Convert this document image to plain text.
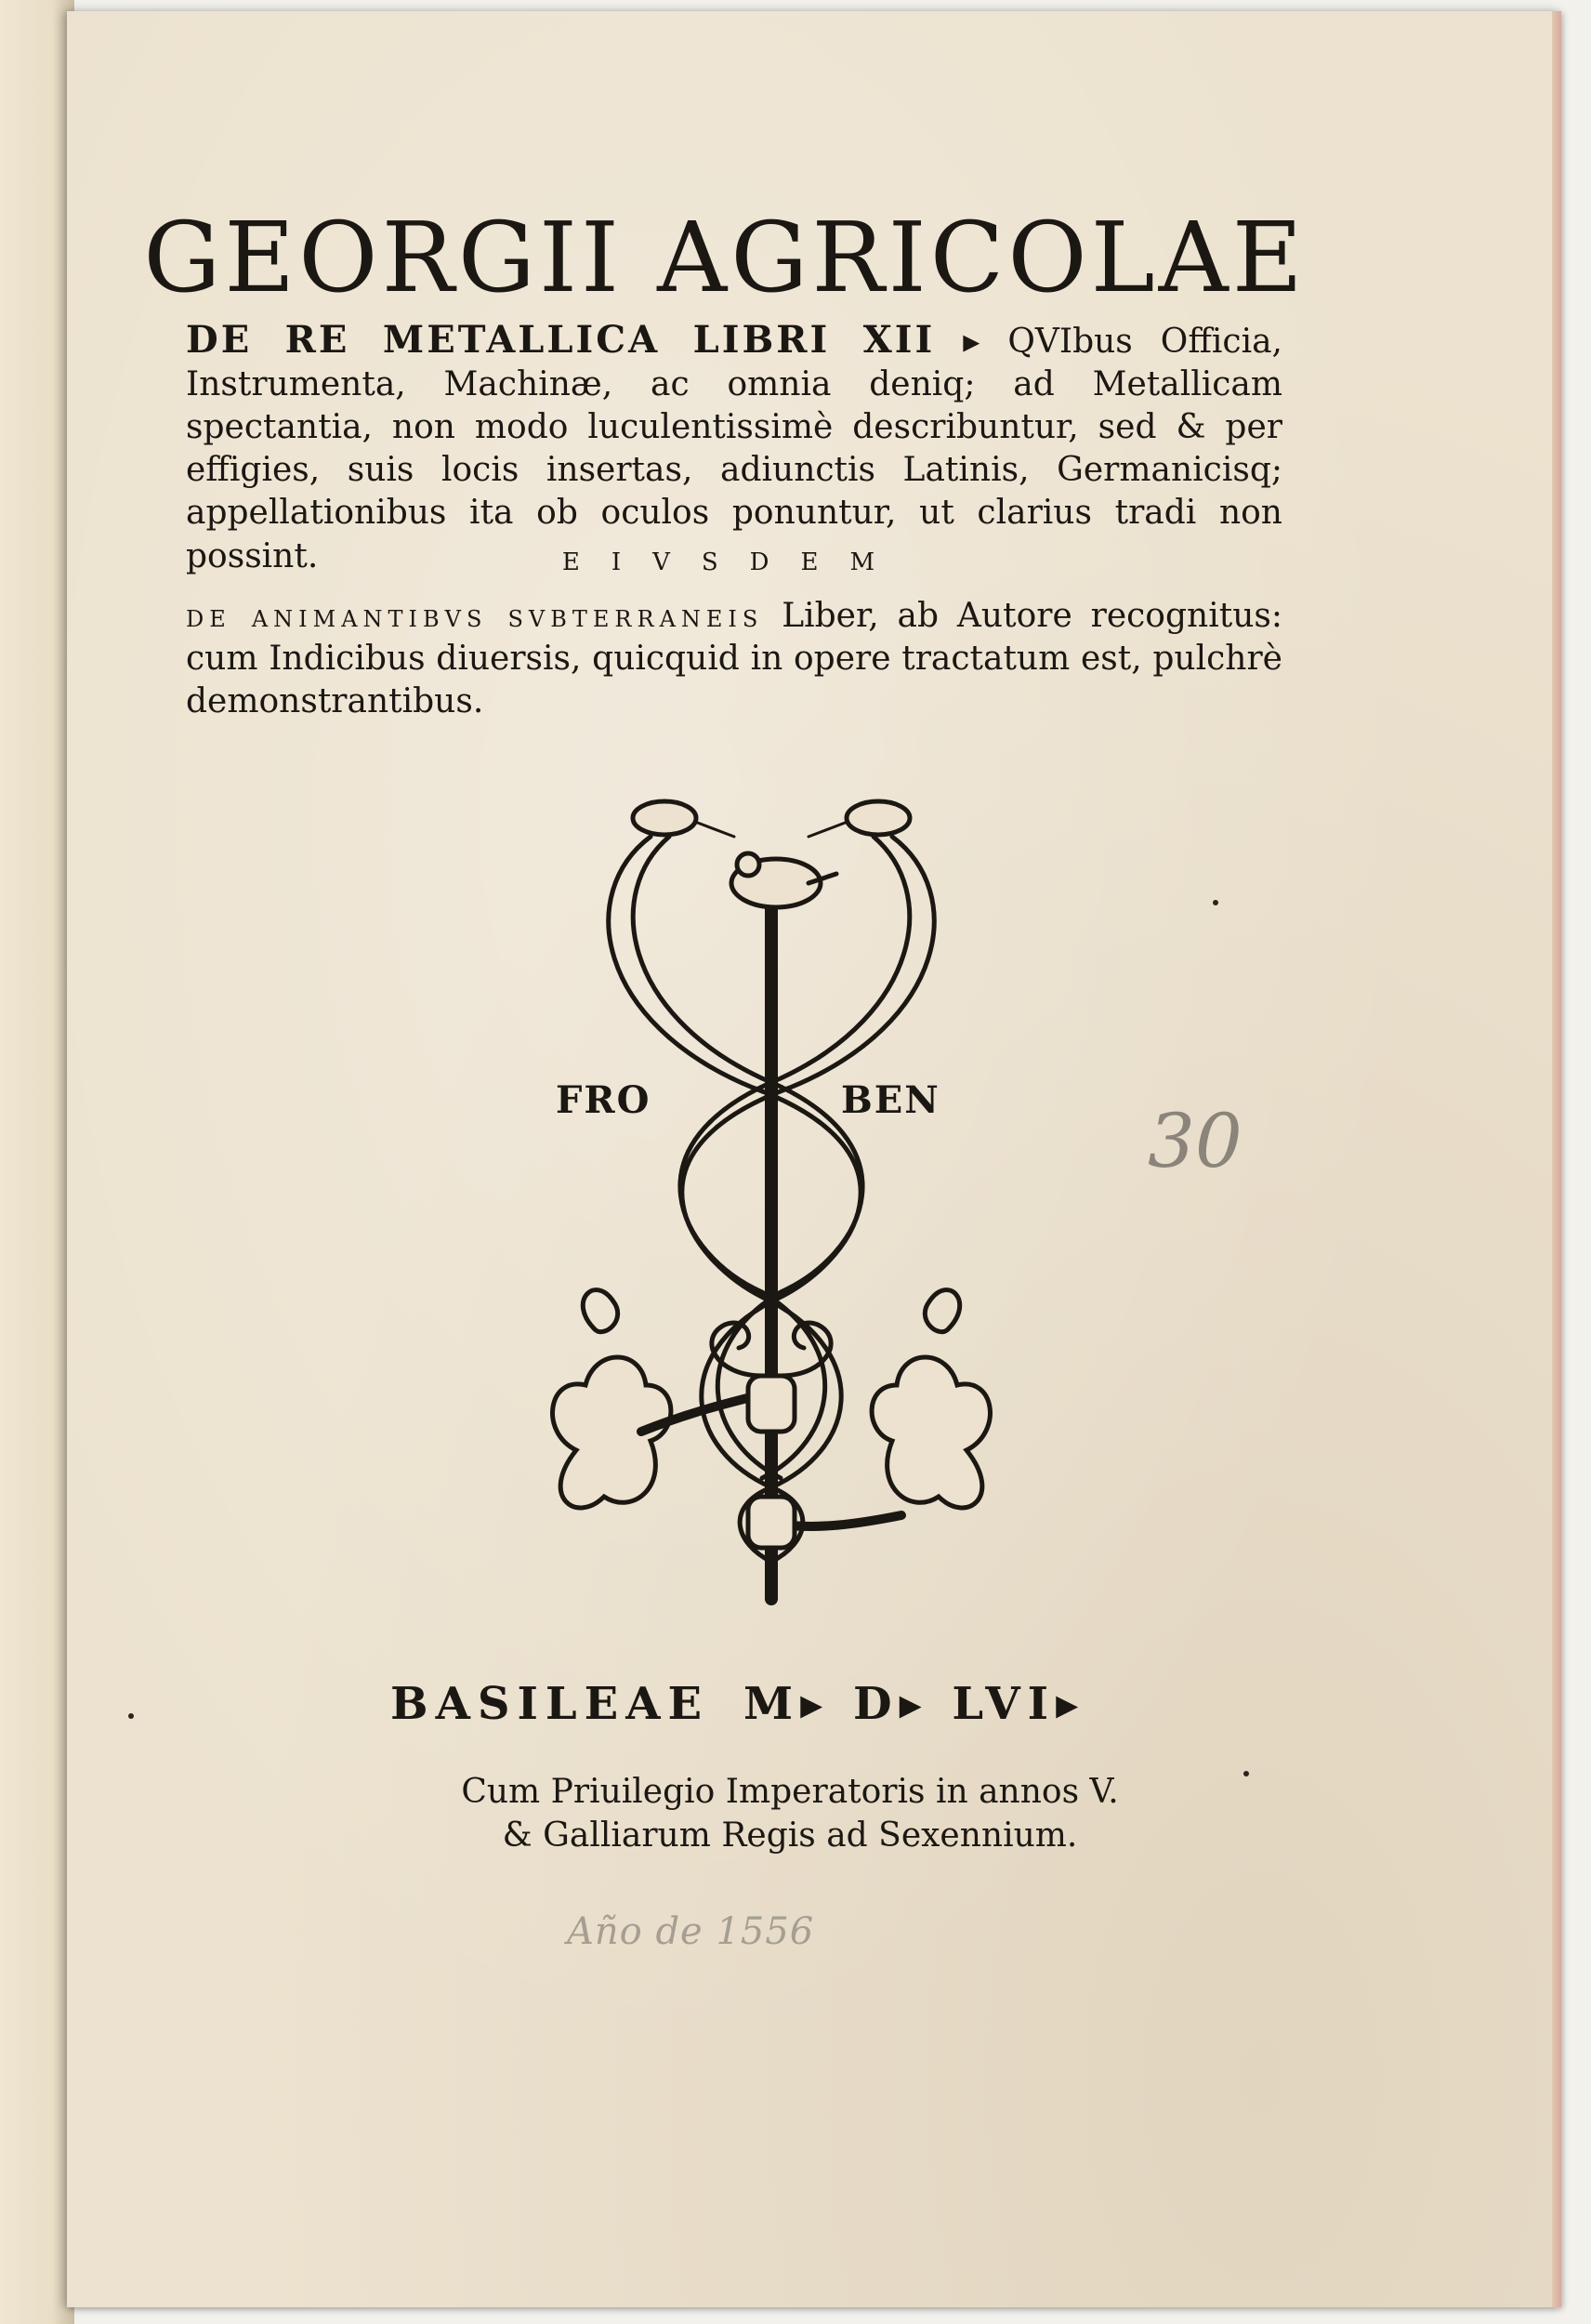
GEORGII AGRICOLAE
DE RE METALLICA LIBRI XII ▸ QVIbus Officia, Instrumenta, Machinæ, ac omnia deniq; ad Metallicam spectantia, non modo luculentissimè describuntur, sed & per effigies, suis locis insertas, adiunctis Latinis, Germanicisq; appellationibus ita ob oculos ponuntur, ut clarius tradi non possint.	EIVSDEM
DE ANIMANTIBVS SVBTERRANEIS Liber, ab Autore recognitus: cum Indicibus diuersis, quicquid in opere tractatum est, pulchrè demonstrantibus.
FRO	BEN
BASILEAE M▸ D▸ LVI▸
Cum Priuilegio Imperatoris in annos V.
& Galliarum Regis ad Sexennium.
Año de 1556
30
